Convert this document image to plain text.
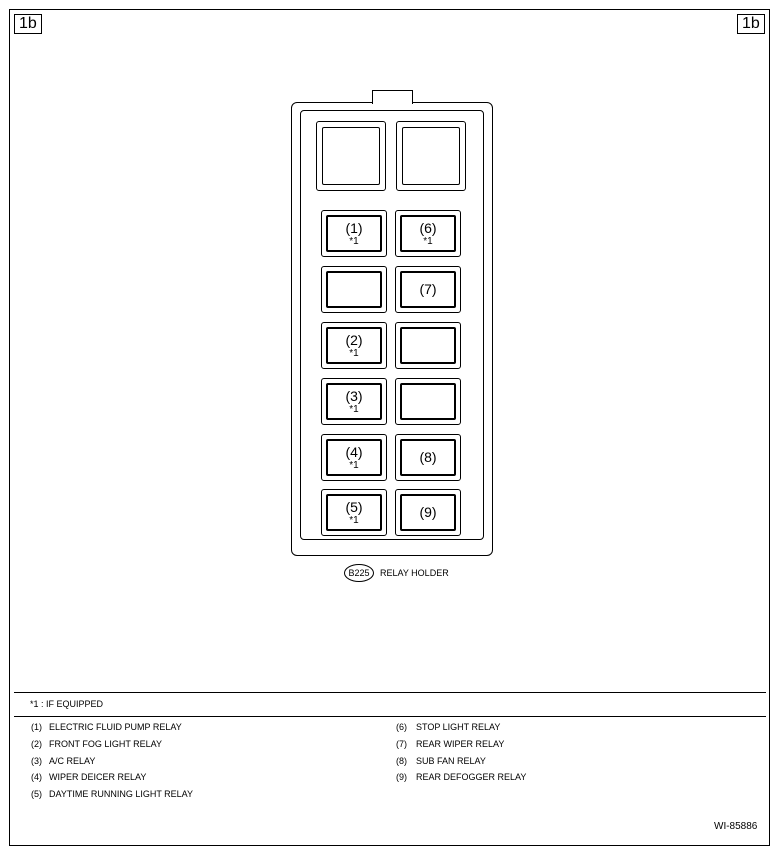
1b	1b
(1)
*1
(2)
*1
(3)
*1
(4)
*1
(5)
*1
(6)
*1
(7)
(8)
(9)
B225	RELAY HOLDER
*1 : IF EQUIPPED
(1) ELECTRIC FLUID PUMP RELAY
(2) FRONT FOG LIGHT RELAY
(3) A/C RELAY
(4) WIPER DEICER RELAY
(5) DAYTIME RUNNING LIGHT RELAY
(6)	STOP LIGHT RELAY
(7)	REAR WIPER RELAY
(8)	SUB FAN RELAY
(9)	REAR DEFOGGER RELAY
WI-85886
